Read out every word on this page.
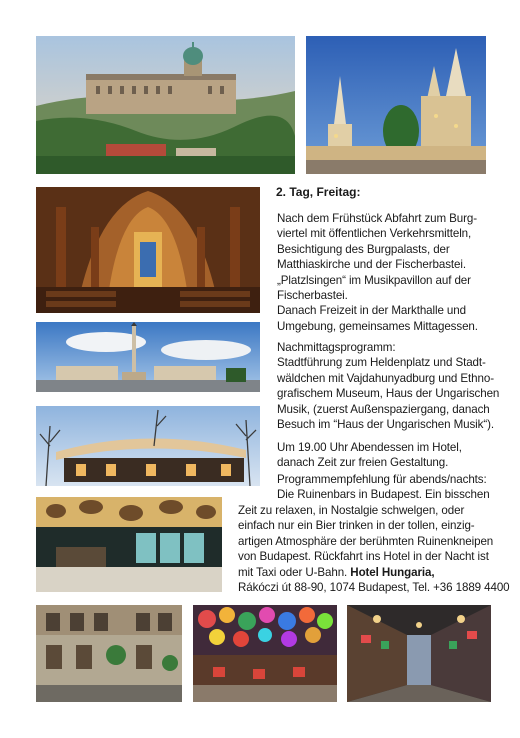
2. Tag, Freitag:

Nach dem Frühstück Abfahrt zum Burg-

viertel mit öffentlichen Verkehrsmitteln,

Besichtigung des Burgpalasts, der

Matthiaskirche und der Fischerbastei.

„Platzlsingen“ im Musikpavillon auf der

Fischerbastei.

Danach Freizeit in der Markthalle und

Umgebung, gemeinsames Mittagessen.

Nachmittagsprogramm:

Stadtführung zum Heldenplatz und Stadt-

wäldchen mit Vajdahunyadburg und Ethno-

grafischem Museum, Haus der Ungarischen

Musik, (zuerst Außenspaziergang, danach

Besuch im “Haus der Ungarischen Musik“).

Um 19.00 Uhr Abendessen im Hotel,

danach Zeit zur freien Gestaltung.

Programmempfehlung für abends/nachts:

Die Ruinenbars in Budapest. Ein bisschen

Zeit zu relaxen, in Nostalgie schwelgen, oder

einfach nur ein Bier trinken in der tollen, einzig-

artigen Atmosphäre der berühmten Ruinenkneipen

von Budapest. Rückfahrt ins Hotel in der Nacht ist

mit Taxi oder U-Bahn. Hotel Hungaria,

Rákóczi út 88-90, 1074 Budapest, Tel. +36 1889 4400
